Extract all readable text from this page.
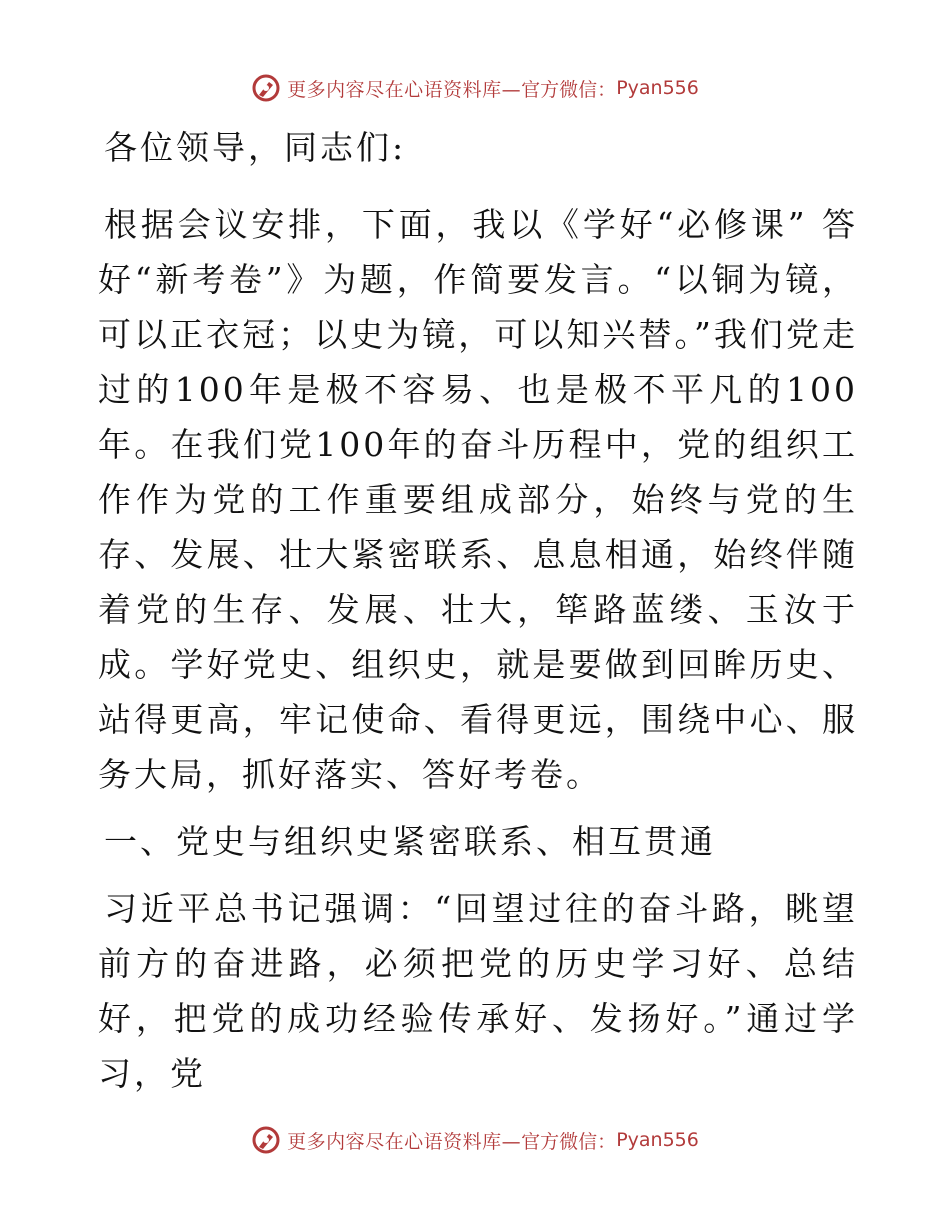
更多内容尽在心语资料库— 官方微信： Pyan556

各位领导，同志们:

根据会议安排，下面，我以《学好“必修课” 答好“新考卷”》为题，作简要发言。“以铜为镜，可以正衣冠；以史为镜，可以知兴替。”我们党走过的100年是极不容易、也是极不平凡的100年。在我们党100年的奋斗历程中，党的组织工作作为党的工作重要组成部分，始终与党的生存、发展、壮大紧密联系、息息相通，始终伴随着党的生存、发展、壮大，筚路蓝缕、玉汝于成。学好党史、组织史，就是要做到回眸历史、站得更高，牢记使命、看得更远，围绕中心、服务大局，抓好落实、答好考卷。

一、党史与组织史紧密联系、相互贯通

习近平总书记强调：“回望过往的奋斗路，眺望前方的奋进路，必须把党的历史学习好、总结好，把党的成功经验传承好、发扬好。”通过学习，党

更多内容尽在心语资料库— 官方微信： Pyan556
